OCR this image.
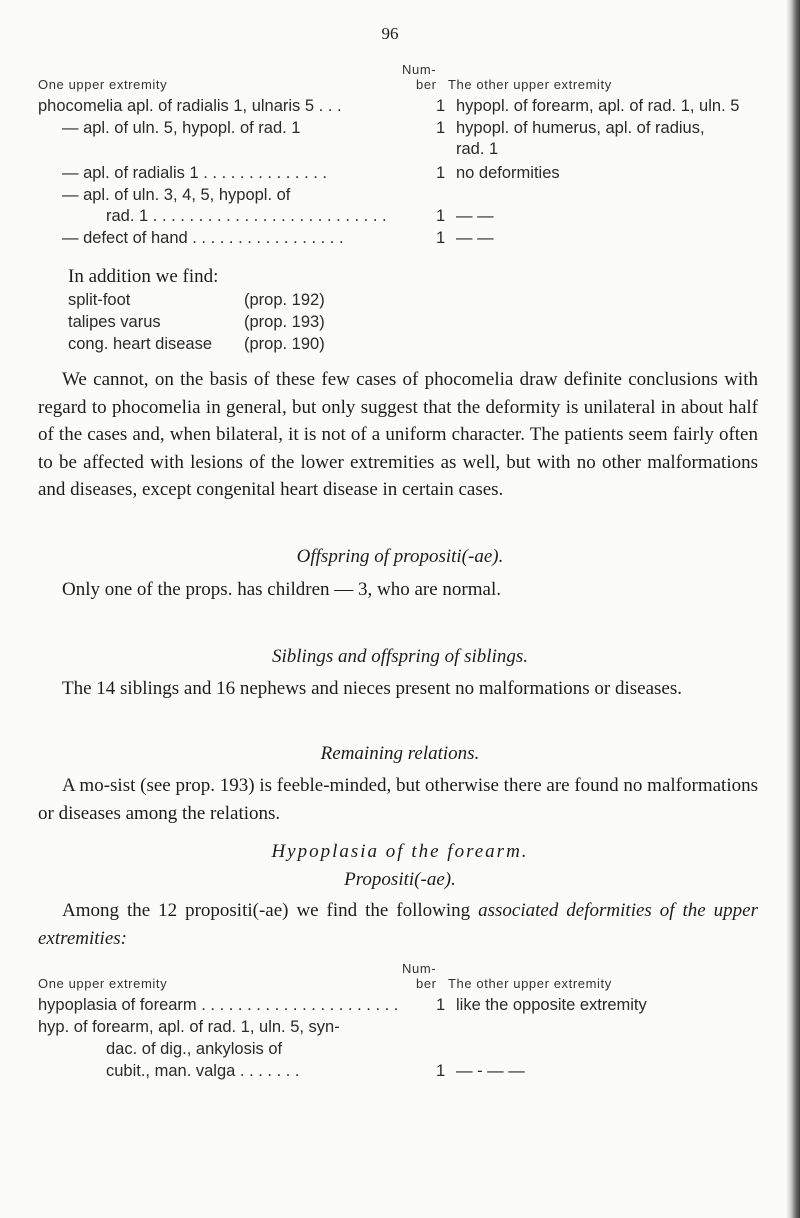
96
Num-
One upper extremity	ber The other upper extremity
phocomelia apl. of radialis 1, ulnaris 5 . . .	1 hypopl. of forearm, apl. of rad. 1, uln. 5
— apl. of uln. 5, hypopl. of rad. 1	1 hypopl. of humerus, apl. of radius,
rad. 1
— apl. of radialis 1 . . . . . . . . . . . . . .	1 no deformities
— apl. of uln. 3, 4, 5, hypopl. of
rad. 1 . . . . . . . . . . . . . . . . . . . . . . . . . .	1 — —
— defect of hand . . . . . . . . . . . . . . . . .	1 — —
In addition we find:
split-foot	(prop. 192)
talipes varus	(prop. 193)
cong. heart disease (prop. 190)
We cannot, on the basis of these few cases of phocomelia draw definite conclusions with regard to phocomelia in general, but only suggest that the deformity is unilateral in about half of the cases and, when bilateral, it is not of a uniform character. The patients seem fairly often to be affected with lesions of the lower extremities as well, but with no other malformations and diseases, except congenital heart disease in certain cases.
Offspring of propositi(-ae).
Only one of the props. has children — 3, who are normal.
Siblings and offspring of siblings.
The 14 siblings and 16 nephews and nieces present no malformations or diseases.
Remaining relations.
A mo-sist (see prop. 193) is feeble-minded, but otherwise there are found no malformations or diseases among the relations.
Hypoplasia of the forearm.
Propositi(-ae).
Among the 12 propositi(-ae) we find the following associated deformities of the upper extremities:
Num-
One upper extremity	ber The other upper extremity
hypoplasia of forearm . . . . . . . . . . . . . . . . . . . . . . 1 like the opposite extremity
hyp. of forearm, apl. of rad. 1, uln. 5, syn-
dac. of dig., ankylosis of
cubit., man. valga . . . . . . .	1 — - — —
